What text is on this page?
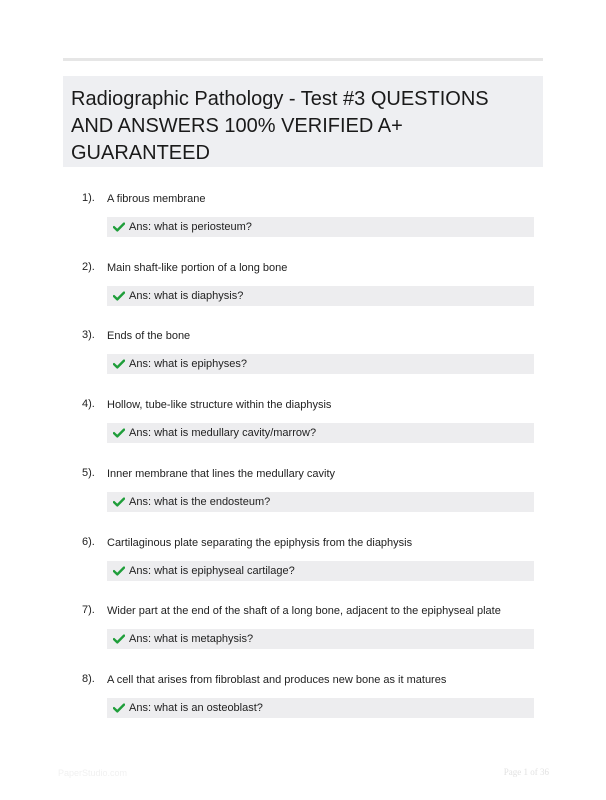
Radiographic Pathology - Test #3 QUESTIONS AND ANSWERS 100% VERIFIED A+ GUARANTEED
1). A fibrous membrane
Ans: what is periosteum?
2). Main shaft-like portion of a long bone
Ans: what is diaphysis?
3). Ends of the bone
Ans: what is epiphyses?
4). Hollow, tube-like structure within the diaphysis
Ans: what is medullary cavity/marrow?
5). Inner membrane that lines the medullary cavity
Ans: what is the endosteum?
6). Cartilaginous plate separating the epiphysis from the diaphysis
Ans: what is epiphyseal cartilage?
7). Wider part at the end of the shaft of a long bone, adjacent to the epiphyseal plate
Ans: what is metaphysis?
8). A cell that arises from fibroblast and produces new bone as it matures
Ans: what is an osteoblast?
PaperStudio.com	Page 1 of 36
